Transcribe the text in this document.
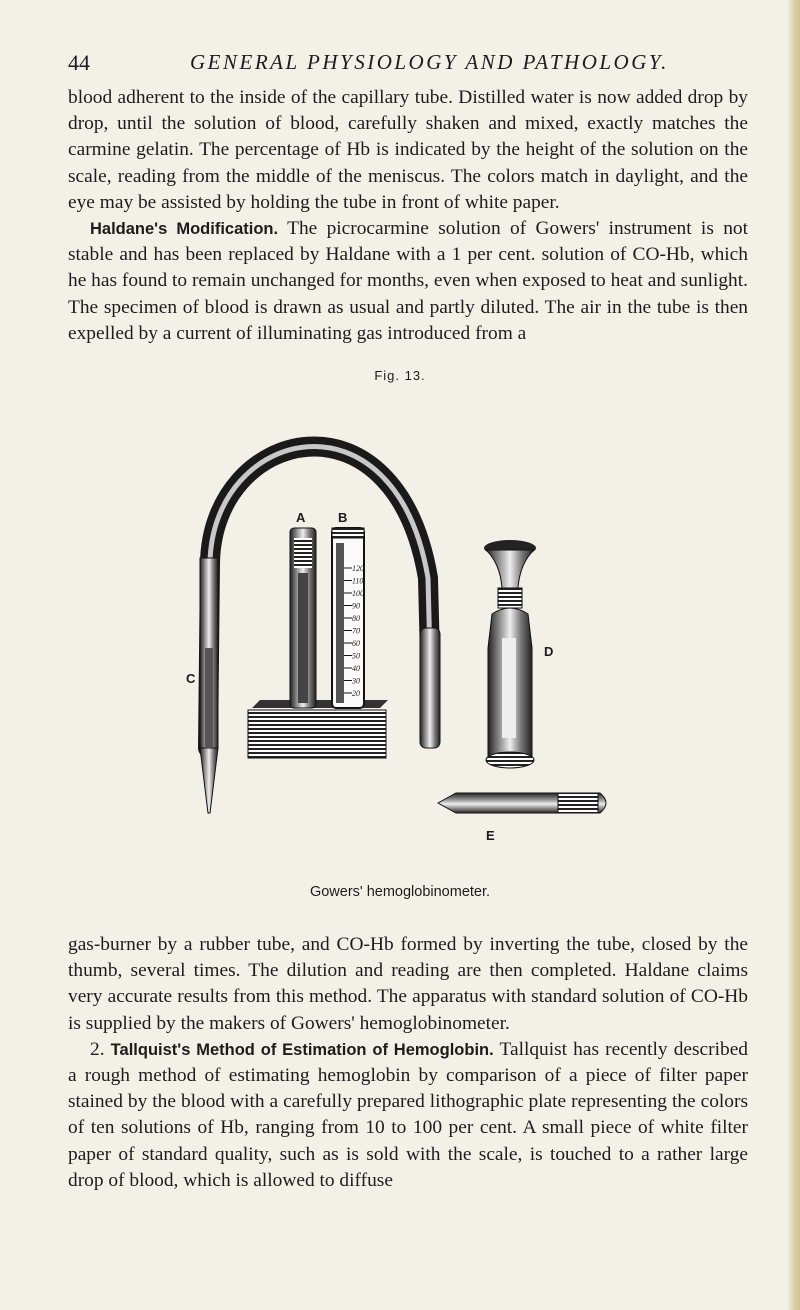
44	GENERAL PHYSIOLOGY AND PATHOLOGY.

blood adherent to the inside of the capillary tube. Distilled water is now added drop by drop, until the solution of blood, carefully shaken and mixed, exactly matches the carmine gelatin. The percentage of Hb is indicated by the height of the solution on the scale, reading from the middle of the meniscus. The colors match in daylight, and the eye may be assisted by holding the tube in front of white paper.

Haldane's Modification. The picrocarmine solution of Gowers' instrument is not stable and has been replaced by Haldane with a 1 per cent. solution of CO-Hb, which he has found to remain unchanged for months, even when exposed to heat and sunlight. The specimen of blood is drawn as usual and partly diluted. The air in the tube is then expelled by a current of illuminating gas introduced from a

Fig. 13.
120
110
100
90
80
70
60
50
40
30
20
A	B
C
D
E
Gowers' hemoglobinometer.

gas-burner by a rubber tube, and CO-Hb formed by inverting the tube, closed by the thumb, several times. The dilution and reading are then completed. Haldane claims very accurate results from this method. The apparatus with standard solution of CO-Hb is supplied by the makers of Gowers' hemoglobinometer.

2. Tallquist's Method of Estimation of Hemoglobin. Tallquist has recently described a rough method of estimating hemoglobin by comparison of a piece of filter paper stained by the blood with a carefully prepared lithographic plate representing the colors of ten solutions of Hb, ranging from 10 to 100 per cent. A small piece of white filter paper of standard quality, such as is sold with the scale, is touched to a rather large drop of blood, which is allowed to diffuse
